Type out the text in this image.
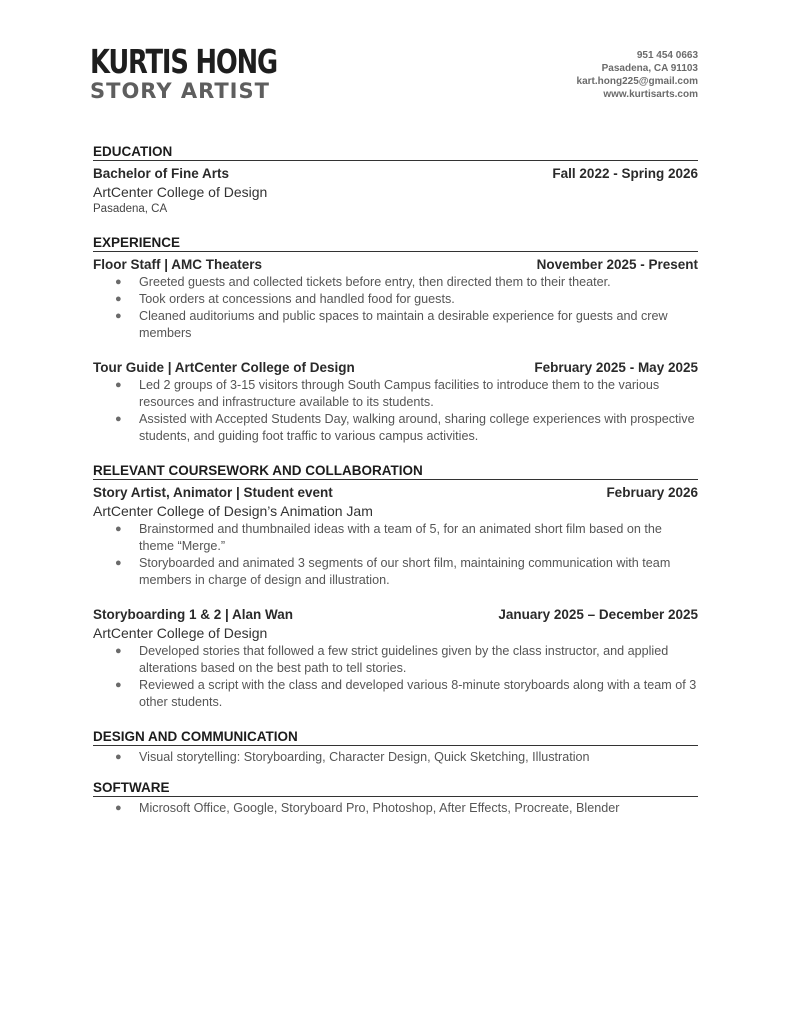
KURTIS HONG
STORY ARTIST
951 454 0663
Pasadena, CA 91103
kart.hong225@gmail.com
www.kurtisarts.com
EDUCATION
Bachelor of Fine Arts	Fall 2022 - Spring 2026
ArtCenter College of Design
Pasadena, CA
EXPERIENCE
Floor Staff | AMC Theaters	November 2025 - Present
● Greeted guests and collected tickets before entry, then directed them to their theater.
● Took orders at concessions and handled food for guests.
● Cleaned auditoriums and public spaces to maintain a desirable experience for guests and crew members
Tour Guide | ArtCenter College of Design	February 2025 - May 2025
● Led 2 groups of 3-15 visitors through South Campus facilities to introduce them to the various resources and infrastructure available to its students.
● Assisted with Accepted Students Day, walking around, sharing college experiences with prospective students, and guiding foot traffic to various campus activities.
RELEVANT COURSEWORK AND COLLABORATION
Story Artist, Animator | Student event	February 2026
ArtCenter College of Design’s Animation Jam
● Brainstormed and thumbnailed ideas with a team of 5, for an animated short film based on the theme “Merge.”
● Storyboarded and animated 3 segments of our short film, maintaining communication with team members in charge of design and illustration.
Storyboarding 1 & 2 | Alan Wan	January 2025 – December 2025
ArtCenter College of Design
● Developed stories that followed a few strict guidelines given by the class instructor, and applied alterations based on the best path to tell stories.
● Reviewed a script with the class and developed various 8-minute storyboards along with a team of 3 other students.
DESIGN AND COMMUNICATION
● Visual storytelling: Storyboarding, Character Design, Quick Sketching, Illustration
SOFTWARE
● Microsoft Office, Google, Storyboard Pro, Photoshop, After Effects, Procreate, Blender
